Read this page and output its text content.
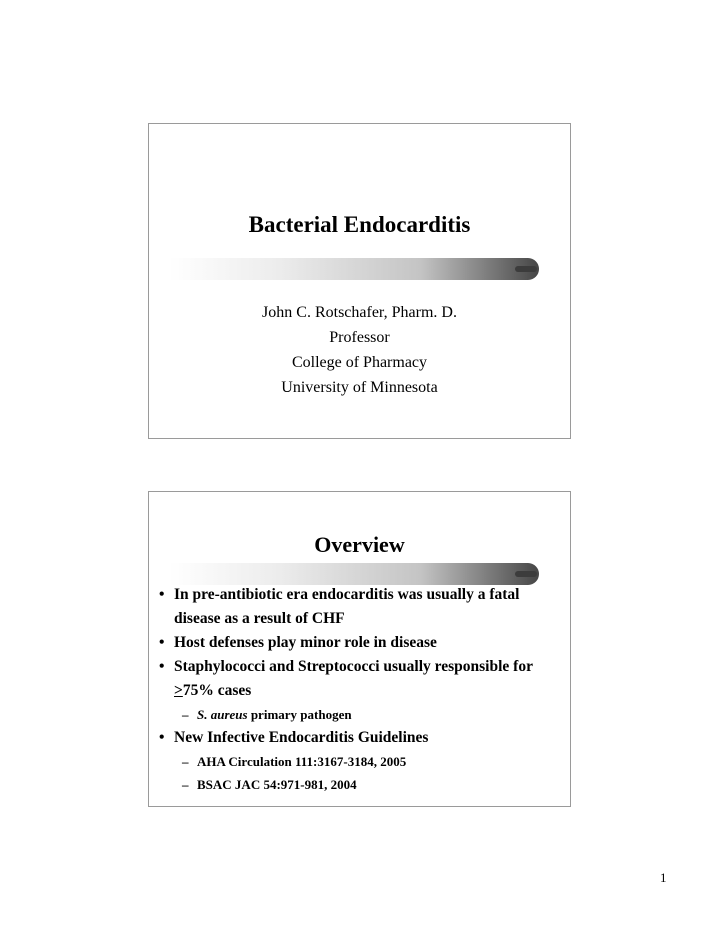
Bacterial Endocarditis
John C. Rotschafer, Pharm. D.
Professor
College of Pharmacy
University of Minnesota
Overview
• In pre-antibiotic era endocarditis was usually a fatal disease as a result of CHF
• Host defenses play minor role in disease
• Staphylococci and Streptococci usually responsible for ≥75% cases
– S. aureus primary pathogen
• New Infective Endocarditis Guidelines
– AHA Circulation 111:3167-3184, 2005
– BSAC JAC 54:971-981, 2004
1
